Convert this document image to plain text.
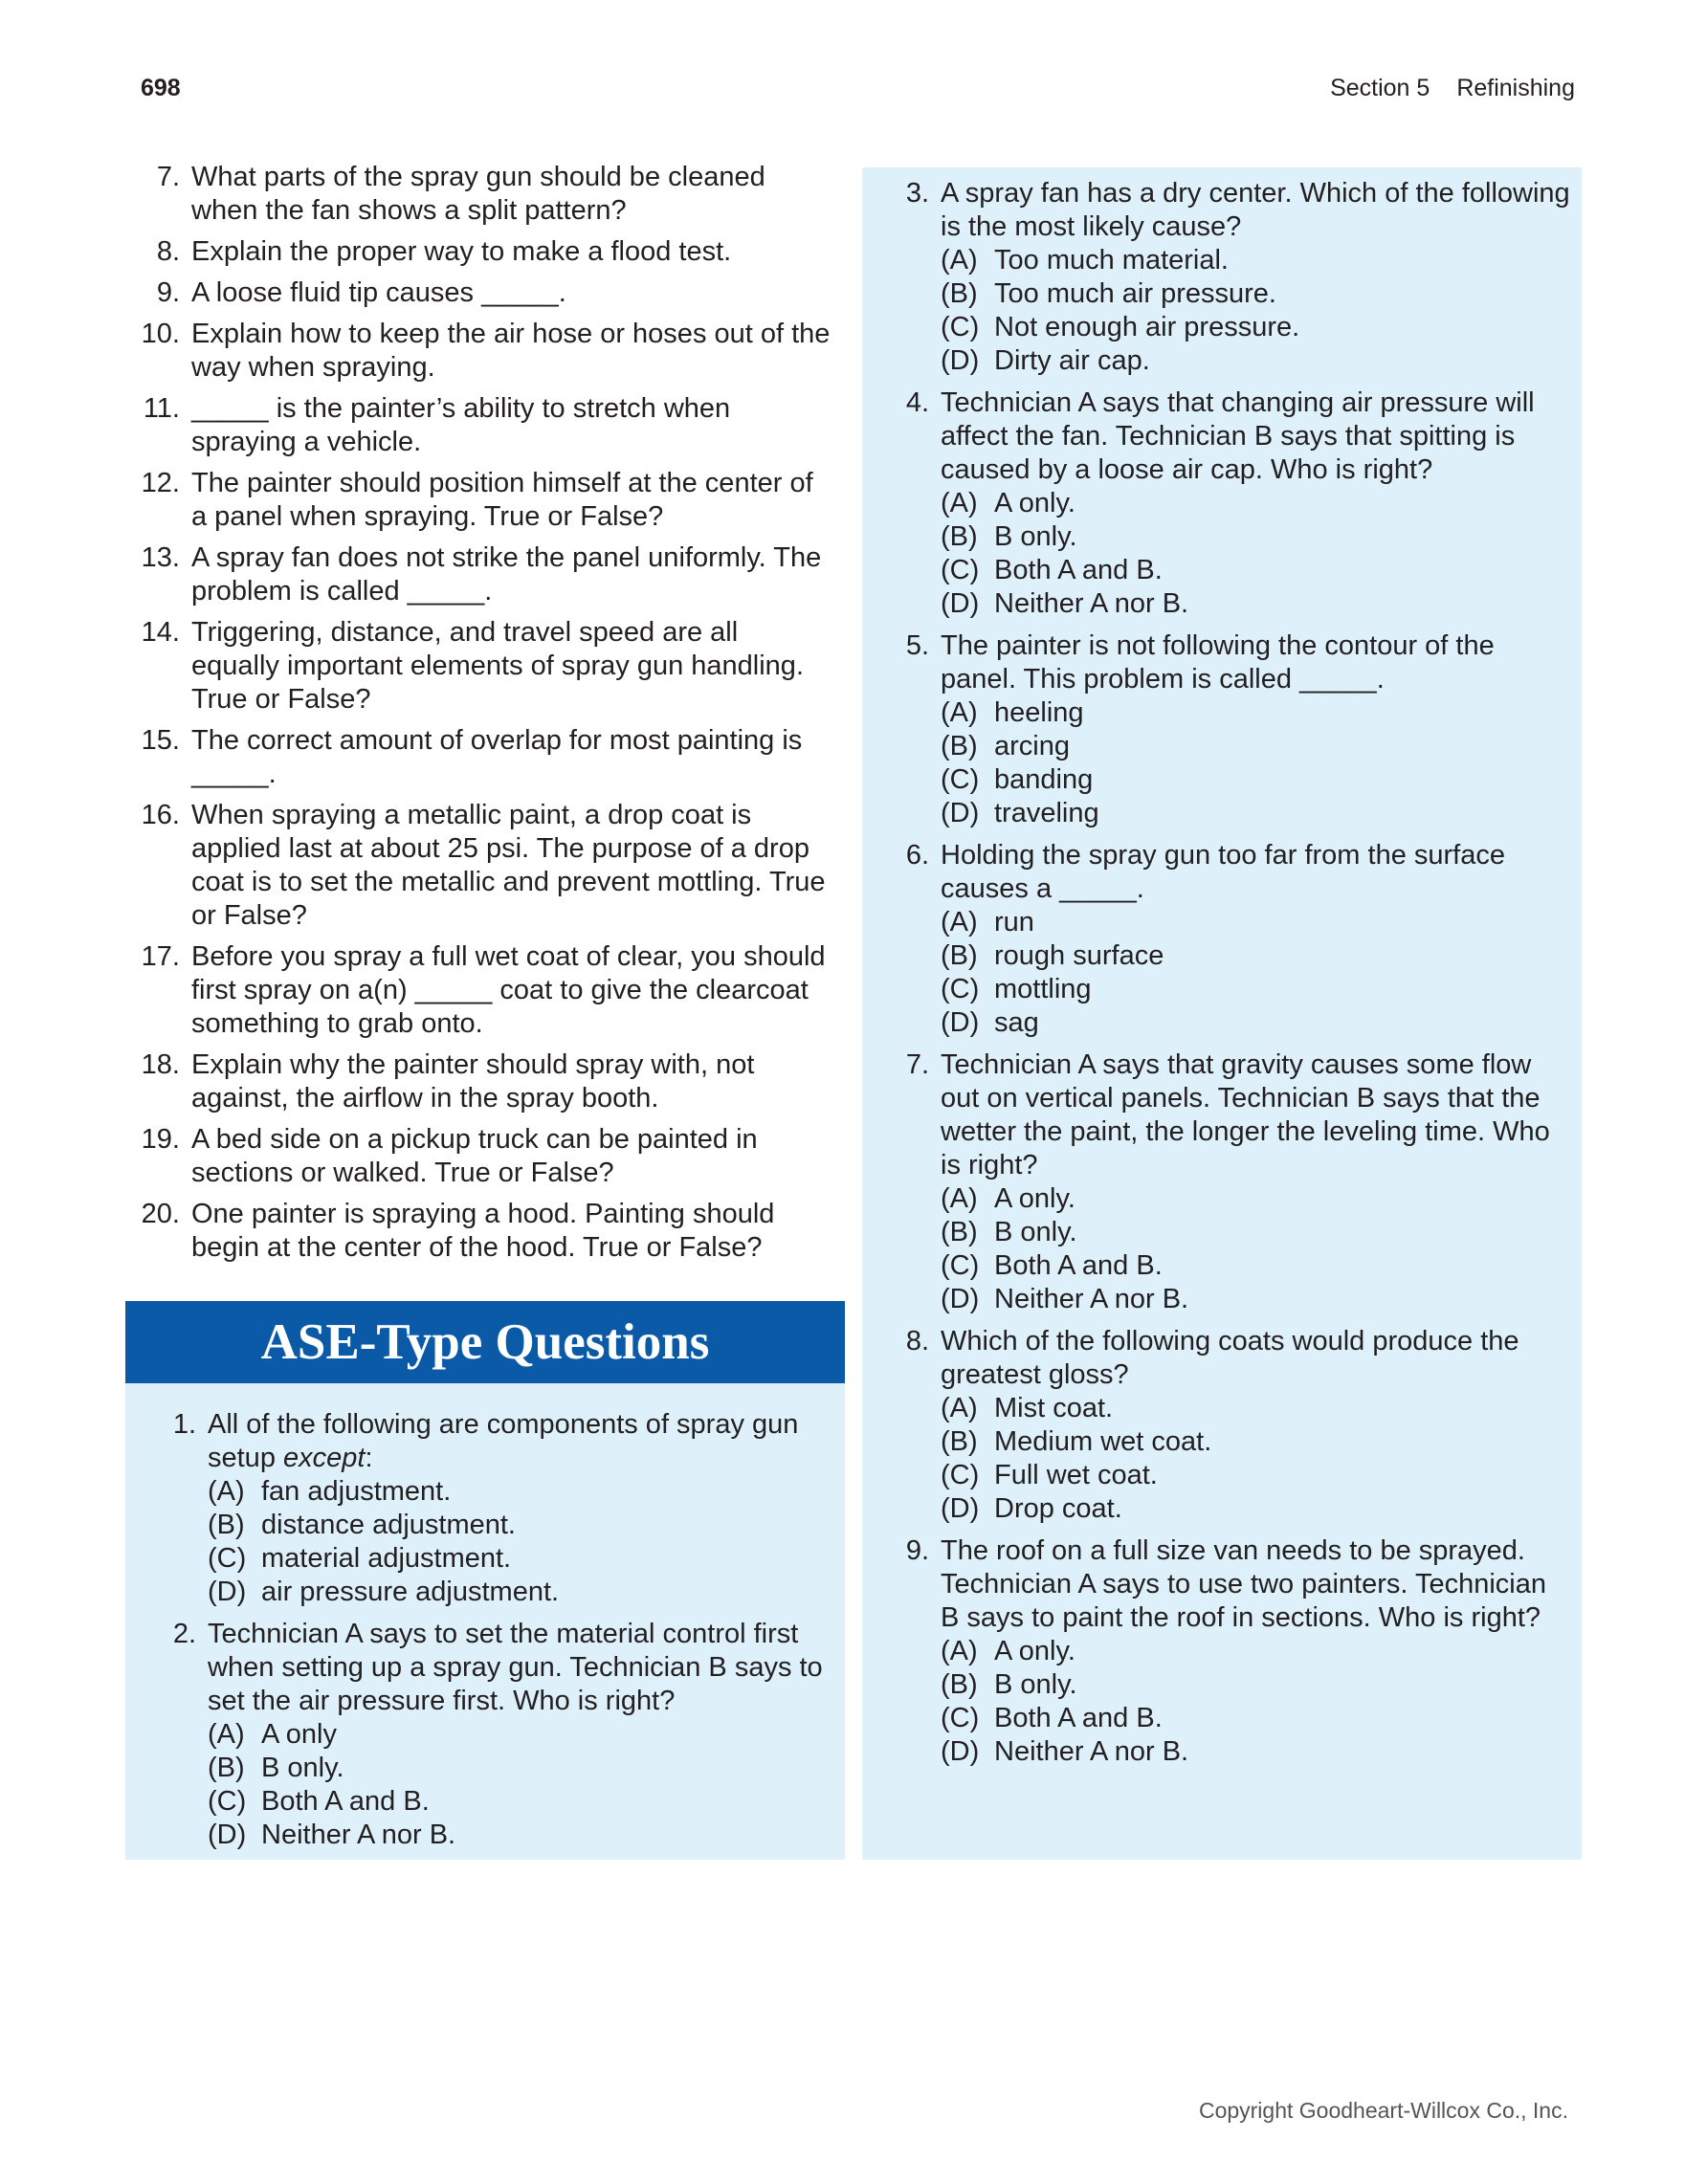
698	Section 5 Refinishing
7. What parts of the spray gun should be cleaned when the fan shows a split pattern?
8. Explain the proper way to make a flood test.
9. A loose fluid tip causes _____.
10. Explain how to keep the air hose or hoses out of the way when spraying.
11. _____ is the painter’s ability to stretch when spraying a vehicle.
12. The painter should position himself at the center of a panel when spraying. True or False?
13. A spray fan does not strike the panel uniformly. The problem is called _____.
14. Triggering, distance, and travel speed are all equally important elements of spray gun handling. True or False?
15. The correct amount of overlap for most painting is _____.
16. When spraying a metallic paint, a drop coat is applied last at about 25 psi. The purpose of a drop coat is to set the metallic and prevent mottling. True or False?
17. Before you spray a full wet coat of clear, you should first spray on a(n) _____ coat to give the clearcoat something to grab onto.
18. Explain why the painter should spray with, not against, the airflow in the spray booth.
19. A bed side on a pickup truck can be painted in sections or walked. True or False?
20. One painter is spraying a hood. Painting should begin at the center of the hood. True or False?
ASE-Type Questions
1. All of the following are components of spray gun setup except:
(A) fan adjustment.
(B) distance adjustment.
(C) material adjustment.
(D) air pressure adjustment.
2. Technician A says to set the material control first when setting up a spray gun. Technician B says to set the air pressure first. Who is right?
(A) A only
(B) B only.
(C) Both A and B.
(D) Neither A nor B.
3. A spray fan has a dry center. Which of the following is the most likely cause?
(A) Too much material.
(B) Too much air pressure.
(C) Not enough air pressure.
(D) Dirty air cap.
4. Technician A says that changing air pressure will affect the fan. Technician B says that spitting is caused by a loose air cap. Who is right?
(A) A only.
(B) B only.
(C) Both A and B.
(D) Neither A nor B.
5. The painter is not following the contour of the panel. This problem is called _____.
(A) heeling
(B) arcing
(C) banding
(D) traveling
6. Holding the spray gun too far from the surface causes a _____.
(A) run
(B) rough surface
(C) mottling
(D) sag
7. Technician A says that gravity causes some flow out on vertical panels. Technician B says that the wetter the paint, the longer the leveling time. Who is right?
(A) A only.
(B) B only.
(C) Both A and B.
(D) Neither A nor B.
8. Which of the following coats would produce the greatest gloss?
(A) Mist coat.
(B) Medium wet coat.
(C) Full wet coat.
(D) Drop coat.
9. The roof on a full size van needs to be sprayed. Technician A says to use two painters. Technician B says to paint the roof in sections. Who is right?
(A) A only.
(B) B only.
(C) Both A and B.
(D) Neither A nor B.
Copyright Goodheart-Willcox Co., Inc.
